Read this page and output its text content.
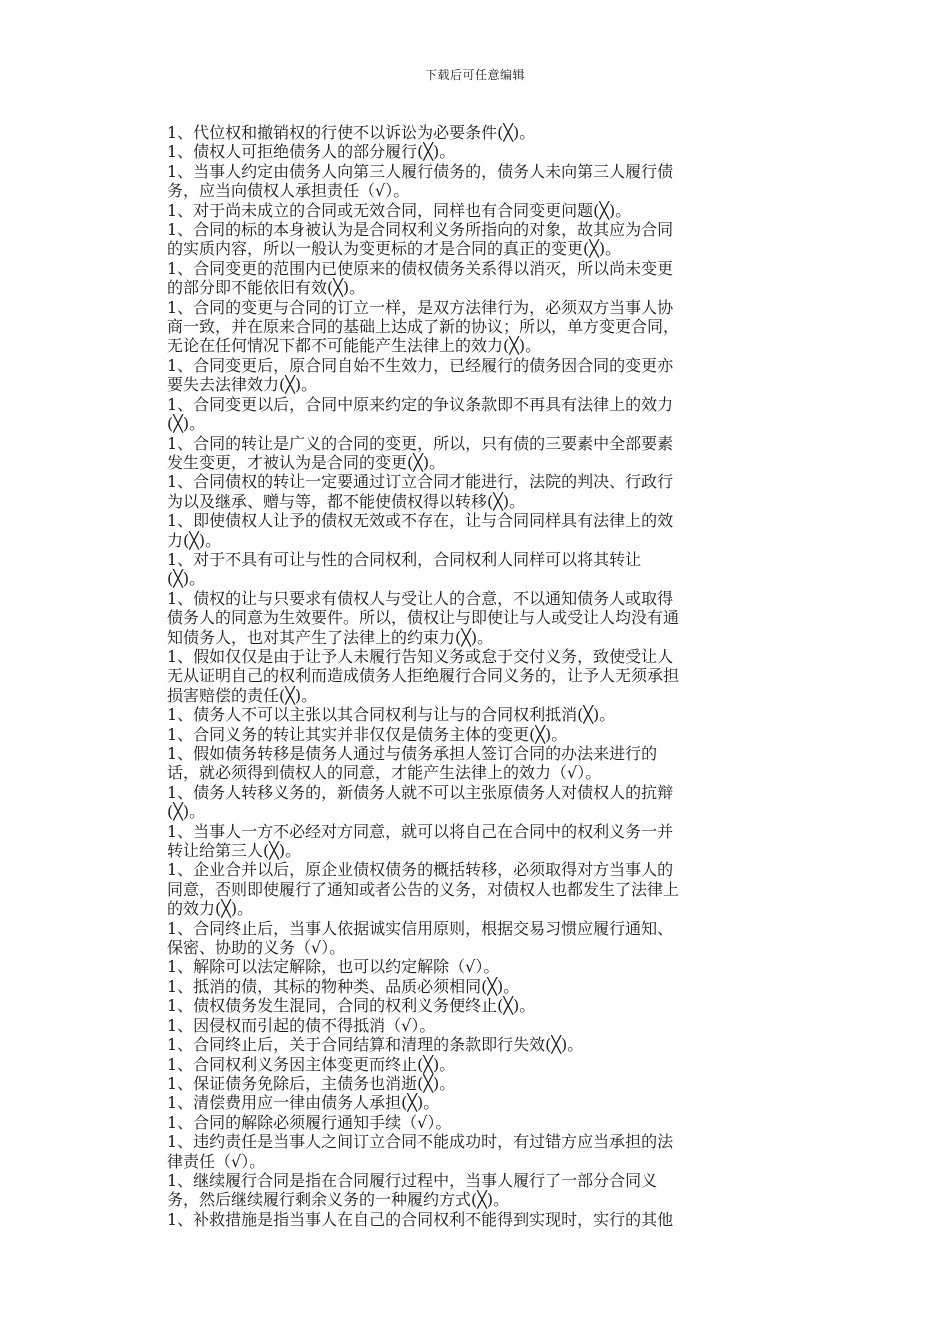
下载后可任意编辑
1、代位权和撤销权的行使不以诉讼为必要条件(╳)。
1、债权人可拒绝债务人的部分履行(╳)。
1、当事人约定由债务人向第三人履行债务的，债务人未向第三人履行债
务，应当向债权人承担责任（√）。
1、对于尚未成立的合同或无效合同，同样也有合同变更问题(╳)。
1、合同的标的本身被认为是合同权利义务所指向的对象，故其应为合同
的实质内容，所以一般认为变更标的才是合同的真正的变更(╳)。
1、合同变更的范围内已使原来的债权债务关系得以消灭，所以尚未变更
的部分即不能依旧有效(╳)。
1、合同的变更与合同的订立一样，是双方法律行为，必须双方当事人协
商一致，并在原来合同的基础上达成了新的协议；所以，单方变更合同，
无论在任何情况下都不可能能产生法律上的效力(╳)。
1、合同变更后，原合同自始不生效力，已经履行的债务因合同的变更亦
要失去法律效力(╳)。
1、合同变更以后，合同中原来约定的争议条款即不再具有法律上的效力
(╳)。
1、合同的转让是广义的合同的变更，所以，只有债的三要素中全部要素
发生变更，才被认为是合同的变更(╳)。
1、合同债权的转让一定要通过订立合同才能进行，法院的判决、行政行
为以及继承、赠与等，都不能使债权得以转移(╳)。
1、即使债权人让予的债权无效或不存在，让与合同同样具有法律上的效
力(╳)。
1、对于不具有可让与性的合同权利，合同权利人同样可以将其转让
(╳)。
1、债权的让与只要求有债权人与受让人的合意，不以通知债务人或取得
债务人的同意为生效要件。所以，债权让与即使让与人或受让人均没有通
知债务人，也对其产生了法律上的约束力(╳)。
1、假如仅仅是由于让予人未履行告知义务或怠于交付义务，致使受让人
无从证明自己的权利而造成债务人拒绝履行合同义务的，让予人无须承担
损害赔偿的责任(╳)。
1、债务人不可以主张以其合同权利与让与的合同权利抵消(╳)。
1、合同义务的转让其实并非仅仅是债务主体的变更(╳)。
1、假如债务转移是债务人通过与债务承担人签订合同的办法来进行的
话，就必须得到债权人的同意，才能产生法律上的效力（√）。
1、债务人转移义务的，新债务人就不可以主张原债务人对债权人的抗辩
(╳)。
1、当事人一方不必经对方同意，就可以将自己在合同中的权利义务一并
转让给第三人(╳)。
1、企业合并以后，原企业债权债务的概括转移，必须取得对方当事人的
同意，否则即使履行了通知或者公告的义务，对债权人也都发生了法律上
的效力(╳)。
1、合同终止后，当事人依据诚实信用原则，根据交易习惯应履行通知、
保密、协助的义务（√）。
1、解除可以法定解除，也可以约定解除（√）。
1、抵消的债，其标的物种类、品质必须相同(╳)。
1、债权债务发生混同，合同的权利义务便终止(╳)。
1、因侵权而引起的债不得抵消（√）。
1、合同终止后，关于合同结算和清理的条款即行失效(╳)。
1、合同权利义务因主体变更而终止(╳)。
1、保证债务免除后，主债务也消逝(╳)。
1、清偿费用应一律由债务人承担(╳)。
1、合同的解除必须履行通知手续（√）。
1、违约责任是当事人之间订立合同不能成功时，有过错方应当承担的法
律责任（√）。
1、继续履行合同是指在合同履行过程中，当事人履行了一部分合同义
务，然后继续履行剩余义务的一种履约方式(╳)。
1、补救措施是指当事人在自己的合同权利不能得到实现时，实行的其他
